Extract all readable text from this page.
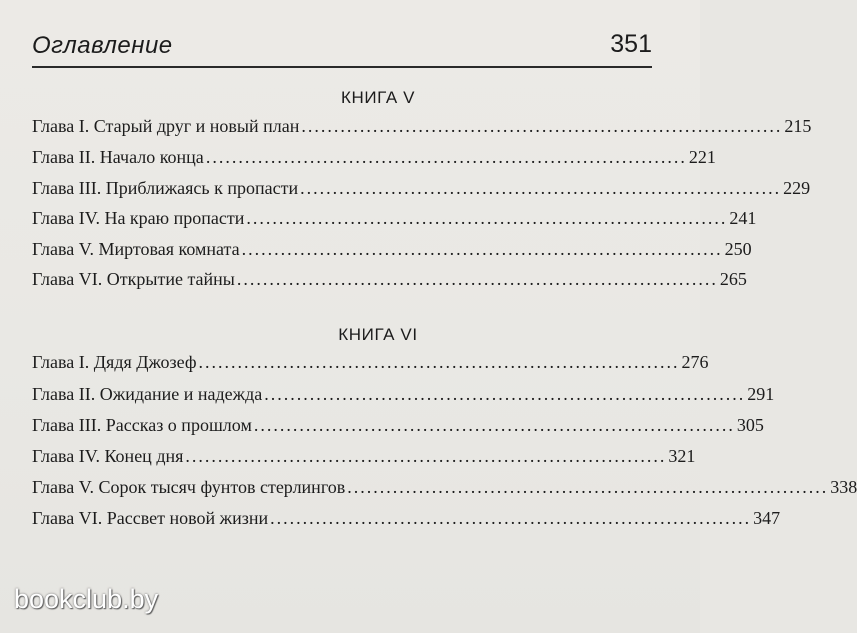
Оглавление	351
КНИГА V
Глава I. Старый друг и новый план .......................................................................... 215
Глава II. Начало конца .......................................................................... 221
Глава III. Приближаясь к пропасти .......................................................................... 229
Глава IV. На краю пропасти .......................................................................... 241
Глава V. Миртовая комната .......................................................................... 250
Глава VI. Открытие тайны .......................................................................... 265
КНИГА VI
Глава I. Дядя Джозеф .......................................................................... 276
Глава II. Ожидание и надежда .......................................................................... 291
Глава III. Рассказ о прошлом .......................................................................... 305
Глава IV. Конец дня .......................................................................... 321
Глава V. Сорок тысяч фунтов стерлингов .......................................................................... 338
Глава VI. Рассвет новой жизни .......................................................................... 347
bookclub.by
